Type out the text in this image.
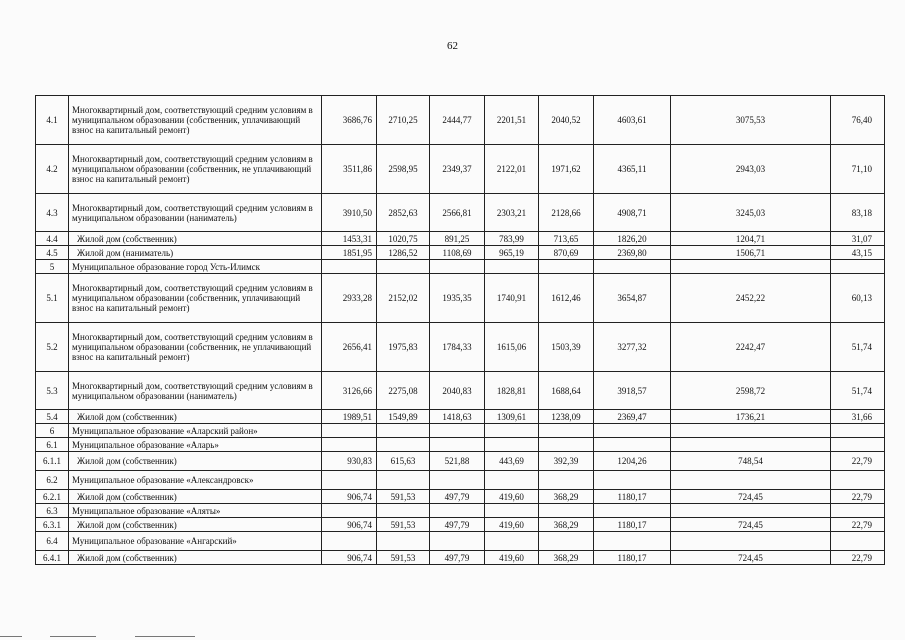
62
4.1	Многоквартирный дом, соответствующий средним условиям в муниципальном образовании (собственник, уплачивающий взнос на капитальный ремонт)	3686,76	2710,25	2444,77	2201,51	2040,52	4603,61	3075,53	76,40
4.2	Многоквартирный дом, соответствующий средним условиям в муниципальном образовании (собственник, не уплачивающий взнос на капитальный ремонт)	3511,86	2598,95	2349,37	2122,01	1971,62	4365,11	2943,03	71,10
4.3	Многоквартирный дом, соответствующий средним условиям в муниципальном образовании (наниматель)	3910,50	2852,63	2566,81	2303,21	2128,66	4908,71	3245,03	83,18
4.4	Жилой дом (собственник)	1453,31	1020,75	891,25	783,99	713,65	1826,20	1204,71	31,07
4.5	Жилой дом (наниматель)	1851,95	1286,52	1108,69	965,19	870,69	2369,80	1506,71	43,15
5	Муниципальное образование город Усть-Илимск								
5.1	Многоквартирный дом, соответствующий средним условиям в муниципальном образовании (собственник, уплачивающий взнос на капитальный ремонт)	2933,28	2152,02	1935,35	1740,91	1612,46	3654,87	2452,22	60,13
5.2	Многоквартирный дом, соответствующий средним условиям в муниципальном образовании (собственник, не уплачивающий взнос на капитальный ремонт)	2656,41	1975,83	1784,33	1615,06	1503,39	3277,32	2242,47	51,74
5.3	Многоквартирный дом, соответствующий средним условиям в муниципальном образовании (наниматель)	3126,66	2275,08	2040,83	1828,81	1688,64	3918,57	2598,72	51,74
5.4	Жилой дом (собственник)	1989,51	1549,89	1418,63	1309,61	1238,09	2369,47	1736,21	31,66
6	Муниципальное образование «Аларский район»								
6.1	Муниципальное образование «Аларь»								
6.1.1	Жилой дом (собственник)	930,83	615,63	521,88	443,69	392,39	1204,26	748,54	22,79
6.2	Муниципальное образование «Александровск»								
6.2.1	Жилой дом (собственник)	906,74	591,53	497,79	419,60	368,29	1180,17	724,45	22,79
6.3	Муниципальное образование «Аляты»								
6.3.1	Жилой дом (собственник)	906,74	591,53	497,79	419,60	368,29	1180,17	724,45	22,79
6.4	Муниципальное образование «Ангарский»								
6.4.1	Жилой дом (собственник)	906,74	591,53	497,79	419,60	368,29	1180,17	724,45	22,79
